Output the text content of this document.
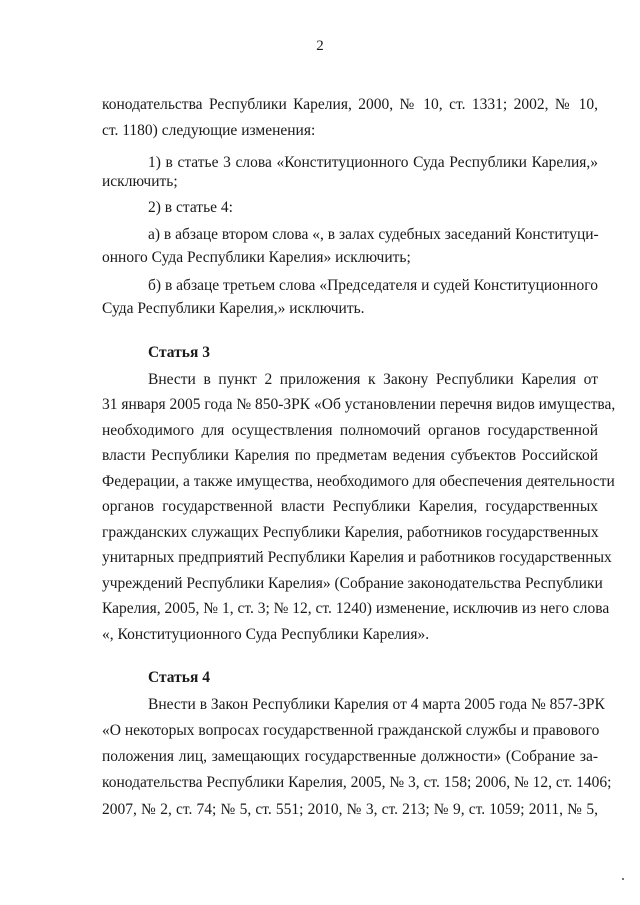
2
конодательства Республики Карелия, 2000, № 10, ст. 1331; 2002, № 10,
ст. 1180) следующие изменения:
1) в статье 3 слова «Конституционного Суда Республики Карелия,»
исключить;
2) в статье 4:
а) в абзаце втором слова «, в залах судебных заседаний Конституци-
онного Суда Республики Карелия» исключить;
б) в абзаце третьем слова «Председателя и судей Конституционного
Суда Республики Карелия,» исключить.
Статья 3
Внести в пункт 2 приложения к Закону Республики Карелия от
31 января 2005 года № 850-ЗРК «Об установлении перечня видов имущества,
необходимого для осуществления полномочий органов государственной
власти Республики Карелия по предметам ведения субъектов Российской
Федерации, а также имущества, необходимого для обеспечения деятельности
органов государственной власти Республики Карелия, государственных
гражданских служащих Республики Карелия, работников государственных
унитарных предприятий Республики Карелия и работников государственных
учреждений Республики Карелия» (Собрание законодательства Республики
Карелия, 2005, № 1, ст. 3; № 12, ст. 1240) изменение, исключив из него слова
«, Конституционного Суда Республики Карелия».
Статья 4
Внести в Закон Республики Карелия от 4 марта 2005 года № 857-ЗРК
«О некоторых вопросах государственной гражданской службы и правового
положения лиц, замещающих государственные должности» (Собрание за-
конодательства Республики Карелия, 2005, № 3, ст. 158; 2006, № 12, ст. 1406;
2007, № 2, ст. 74; № 5, ст. 551; 2010, № 3, ст. 213; № 9, ст. 1059; 2011, № 5,
